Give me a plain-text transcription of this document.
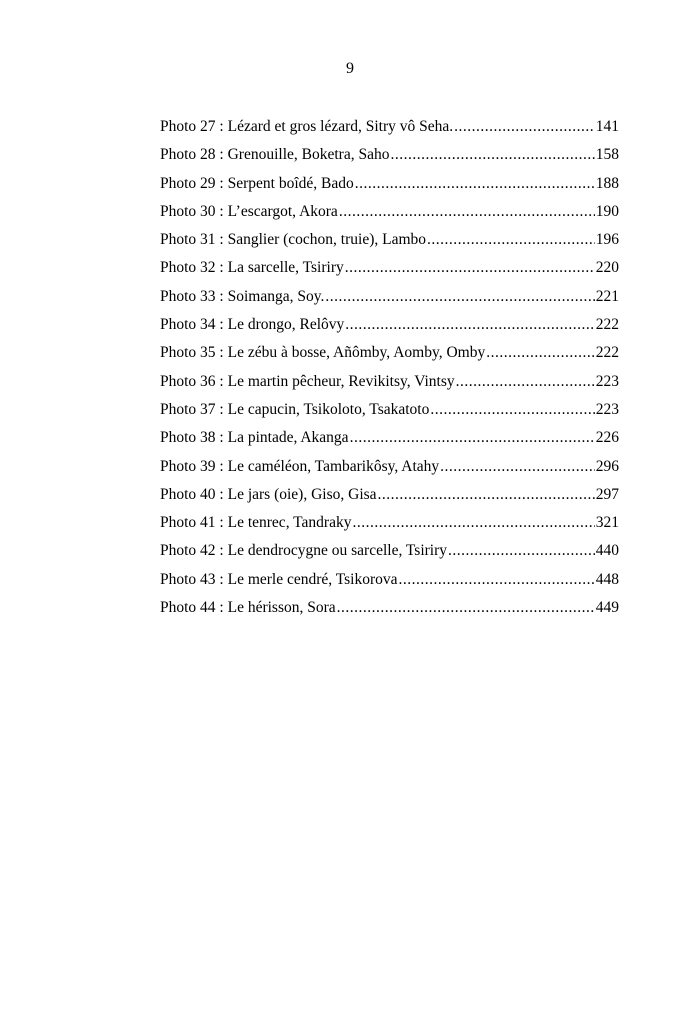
9
Photo 27 : Lézard et gros lézard, Sitry vô Seha. .....	141
Photo 28 : Grenouille, Boketra, Saho .....	158
Photo 29 : Serpent boîdé, Bado .....	188
Photo 30 : L’escargot, Akora .....	190
Photo 31 : Sanglier (cochon, truie), Lambo .....	196
Photo 32 : La sarcelle, Tsiriry .....	220
Photo 33 : Soimanga, Soy. .....	221
Photo 34 : Le drongo, Relôvy .....	222
Photo 35 : Le zébu à bosse, Añômby, Aomby, Omby .....	222
Photo 36 : Le martin pêcheur, Revikitsy, Vintsy .....	223
Photo 37 : Le capucin, Tsikoloto, Tsakatoto .....	223
Photo 38 : La pintade, Akanga .....	226
Photo 39 : Le caméléon, Tambarikôsy, Atahy .....	296
Photo 40 : Le jars (oie), Giso, Gisa .....	297
Photo 41 : Le tenrec, Tandraky .....	321
Photo 42 : Le dendrocygne ou sarcelle, Tsiriry .....	440
Photo 43 : Le merle cendré, Tsikorova .....	448
Photo 44 : Le hérisson, Sora .....	449
